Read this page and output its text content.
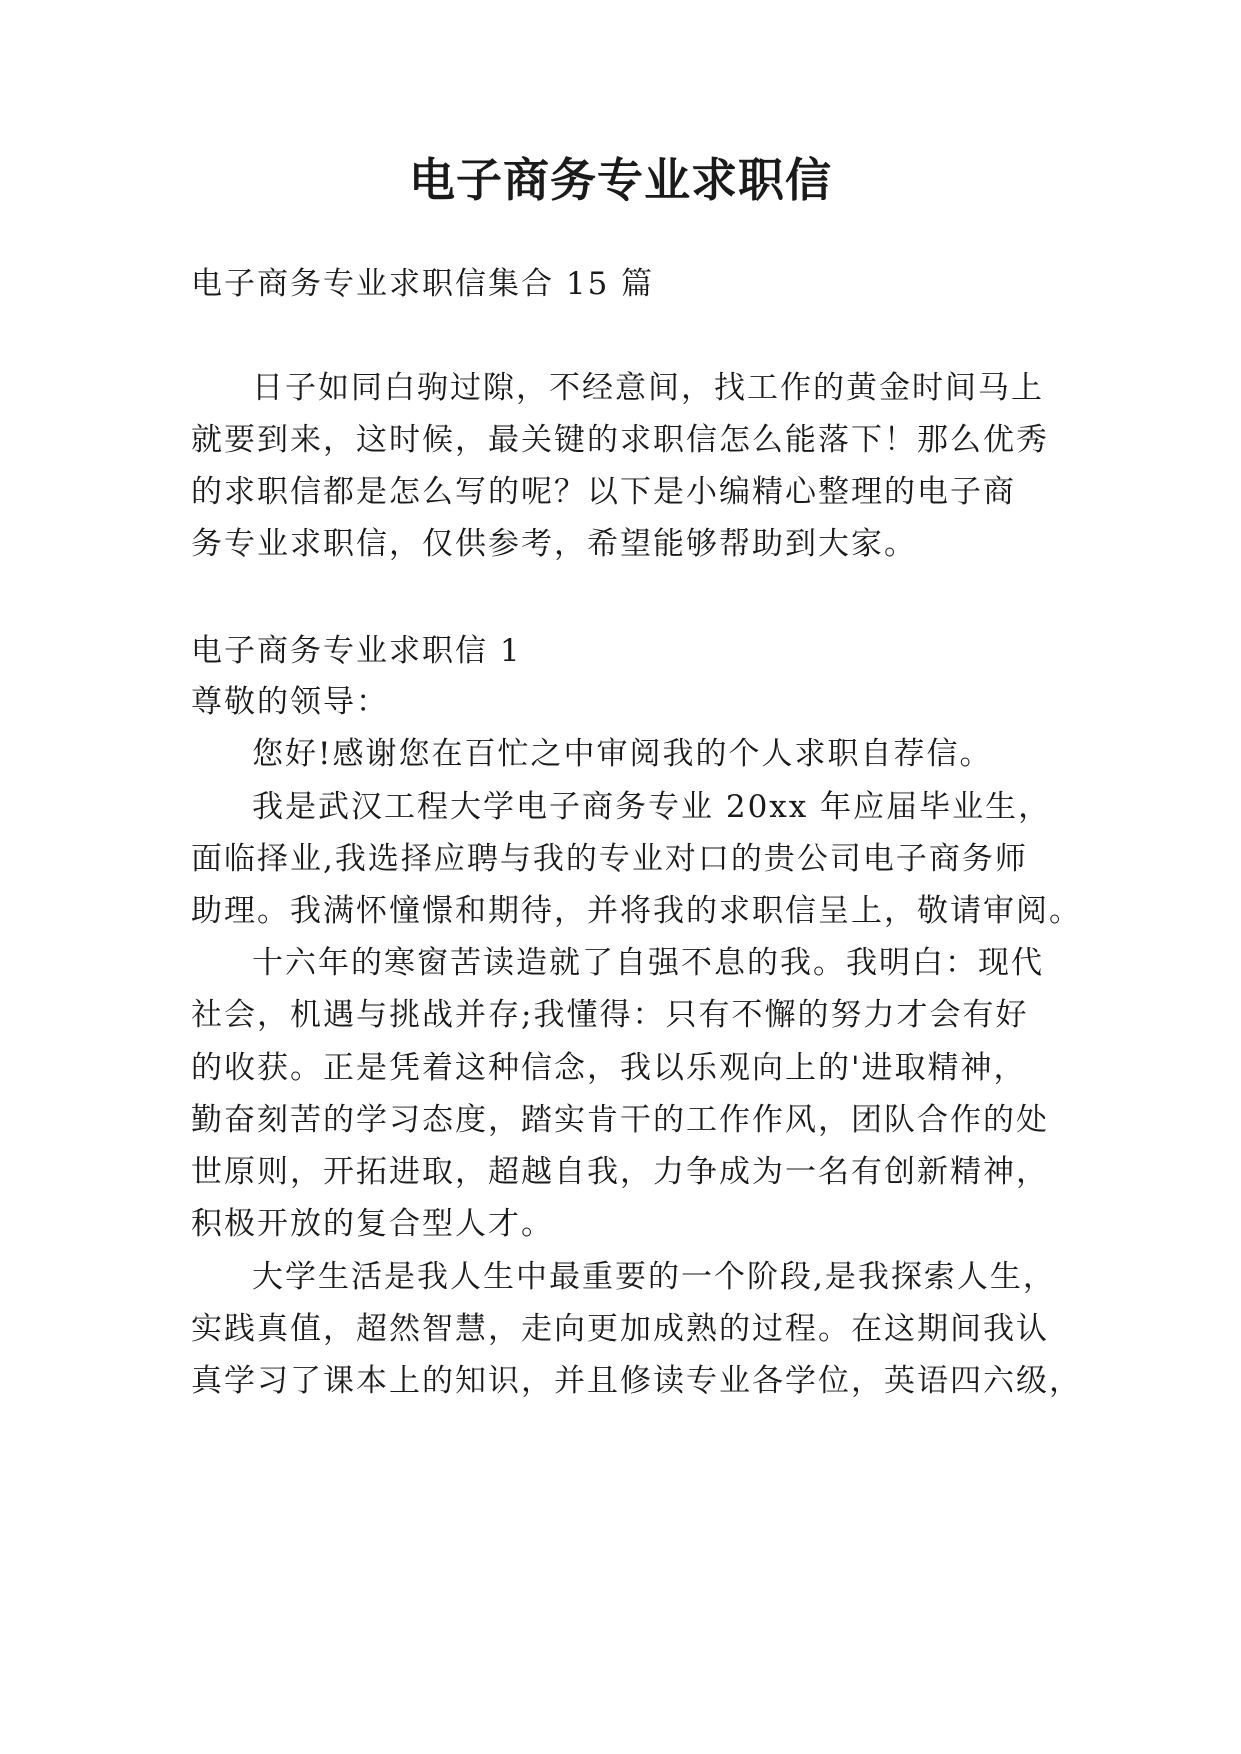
电子商务专业求职信
电子商务专业求职信集合 15 篇
日子如同白驹过隙，不经意间，找工作的黄金时间马上
就要到来，这时候，最关键的求职信怎么能落下！那么优秀
的求职信都是怎么写的呢？以下是小编精心整理的电子商
务专业求职信，仅供参考，希望能够帮助到大家。
电子商务专业求职信 1
尊敬的领导：
您好!感谢您在百忙之中审阅我的个人求职自荐信。
我是武汉工程大学电子商务专业 20xx 年应届毕业生，
面临择业,我选择应聘与我的专业对口的贵公司电子商务师
助理。我满怀憧憬和期待，并将我的求职信呈上，敬请审阅。
十六年的寒窗苦读造就了自强不息的我。我明白：现代
社会，机遇与挑战并存;我懂得：只有不懈的努力才会有好
的收获。正是凭着这种信念，我以乐观向上的'进取精神，
勤奋刻苦的学习态度，踏实肯干的工作作风，团队合作的处
世原则，开拓进取，超越自我，力争成为一名有创新精神，
积极开放的复合型人才。
大学生活是我人生中最重要的一个阶段,是我探索人生，
实践真值，超然智慧，走向更加成熟的过程。在这期间我认
真学习了课本上的知识，并且修读专业各学位，英语四六级，
